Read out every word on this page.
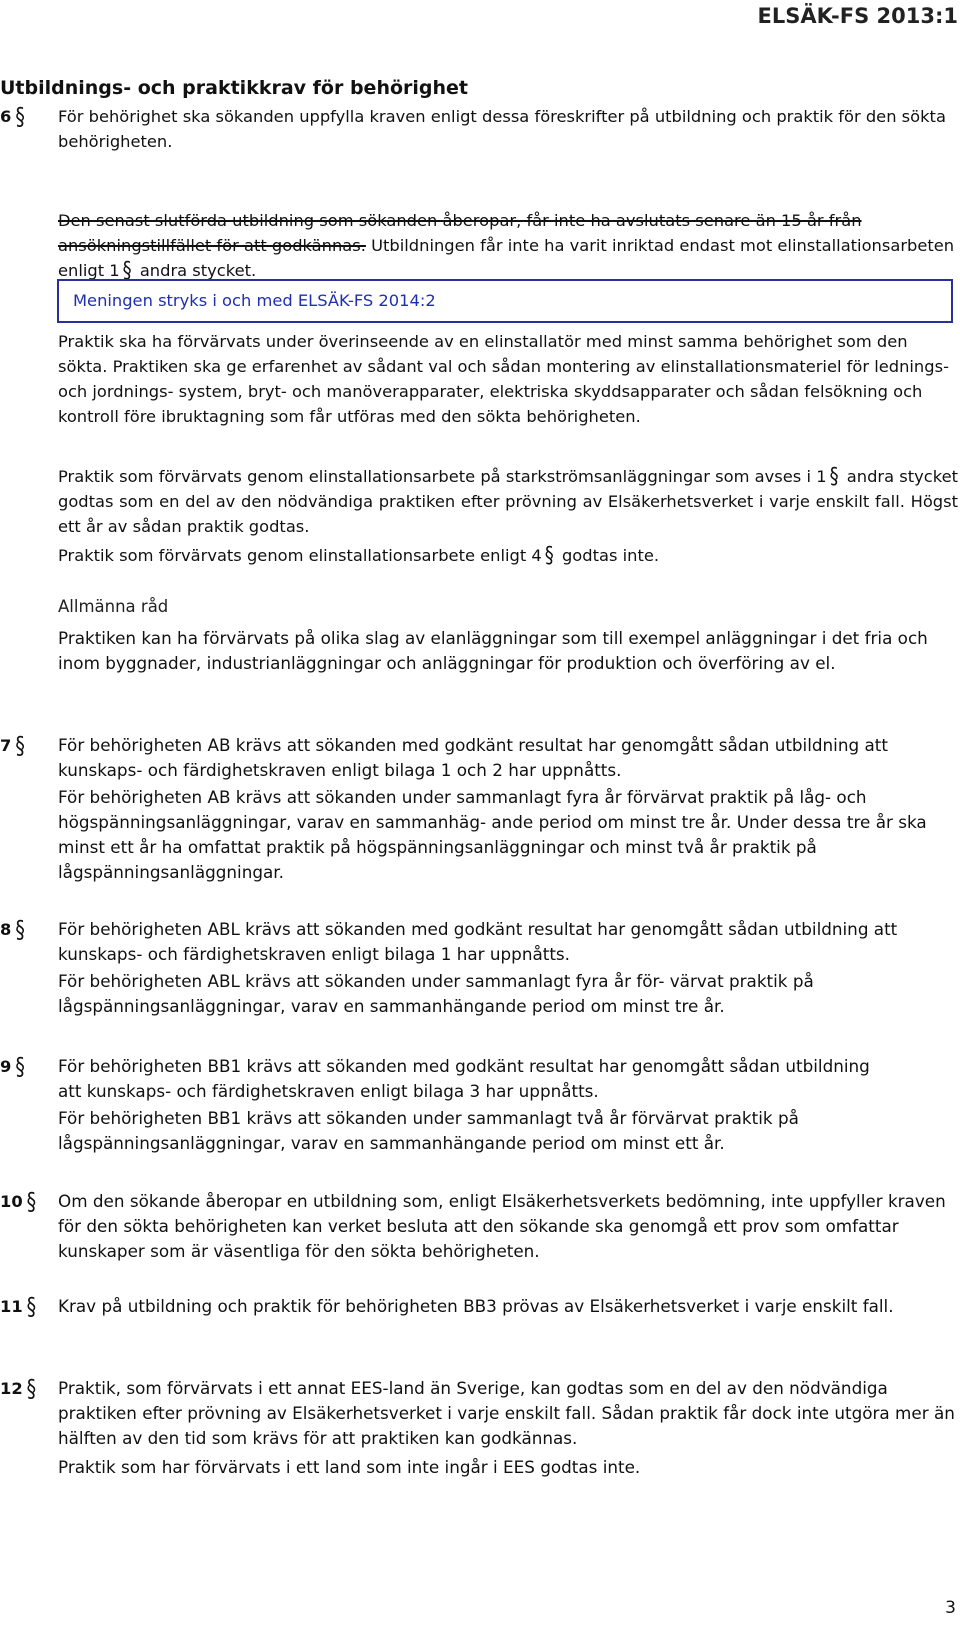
ELSÄK-FS 2013:1
Utbildnings- och praktikkrav för behörighet
6 § För behörighet ska sökanden uppfylla kraven enligt dessa föreskrifter på utbildning och praktik för den sökta behörigheten.
Den senast slutförda utbildning som sökanden åberopar, får inte ha avslutats senare än 15 år från ansökningstillfället för att godkännas. Utbildningen får inte ha varit inriktad endast mot elinstallationsarbeten enligt 1 § andra stycket.
Meningen stryks i och med ELSÄK-FS 2014:2
Praktik ska ha förvärvats under överinseende av en elinstallatör med minst samma behörighet som den sökta. Praktiken ska ge erfarenhet av sådant val och sådan montering av elinstallationsmateriel för lednings- och jordnings- system, bryt- och manöverapparater, elektriska skyddsapparater och sådan felsökning och kontroll före ibruktagning som får utföras med den sökta behörigheten.
Praktik som förvärvats genom elinstallationsarbete på starkströmsanläggningar som avses i 1 § andra stycket godtas som en del av den nödvändiga praktiken efter prövning av Elsäkerhetsverket i varje enskilt fall. Högst ett år av sådan praktik godtas.
Praktik som förvärvats genom elinstallationsarbete enligt 4 § godtas inte.
Allmänna råd
Praktiken kan ha förvärvats på olika slag av elanläggningar som till exempel anläggningar i det fria och inom byggnader, industrianläggningar och anläggningar för produktion och överföring av el.
7 § För behörigheten AB krävs att sökanden med godkänt resultat har genomgått sådan utbildning att kunskaps- och färdighetskraven enligt bilaga 1 och 2 har uppnåtts.
För behörigheten AB krävs att sökanden under sammanlagt fyra år förvärvat praktik på låg- och högspänningsanläggningar, varav en sammanhäg- ande period om minst tre år. Under dessa tre år ska minst ett år ha omfattat praktik på högspänningsanläggningar och minst två år praktik på lågspänningsanläggningar.
8 § För behörigheten ABL krävs att sökanden med godkänt resultat har genomgått sådan utbildning att kunskaps- och färdighetskraven enligt bilaga 1 har uppnåtts.
För behörigheten ABL krävs att sökanden under sammanlagt fyra år för- värvat praktik på lågspänningsanläggningar, varav en sammanhängande period om minst tre år.
9 § För behörigheten BB1 krävs att sökanden med godkänt resultat har genomgått sådan utbildning att kunskaps- och färdighetskraven enligt bilaga 3 har uppnåtts.
För behörigheten BB1 krävs att sökanden under sammanlagt två år förvärvat praktik på lågspänningsanläggningar, varav en sammanhängande period om minst ett år.
10 § Om den sökande åberopar en utbildning som, enligt Elsäkerhetsverkets bedömning, inte uppfyller kraven för den sökta behörigheten kan verket besluta att den sökande ska genomgå ett prov som omfattar kunskaper som är väsentliga för den sökta behörigheten.
11 § Krav på utbildning och praktik för behörigheten BB3 prövas av Elsäkerhetsverket i varje enskilt fall.
12 § Praktik, som förvärvats i ett annat EES-land än Sverige, kan godtas som en del av den nödvändiga praktiken efter prövning av Elsäkerhetsverket i varje enskilt fall. Sådan praktik får dock inte utgöra mer än hälften av den tid som krävs för att praktiken kan godkännas.
Praktik som har förvärvats i ett land som inte ingår i EES godtas inte.
3
